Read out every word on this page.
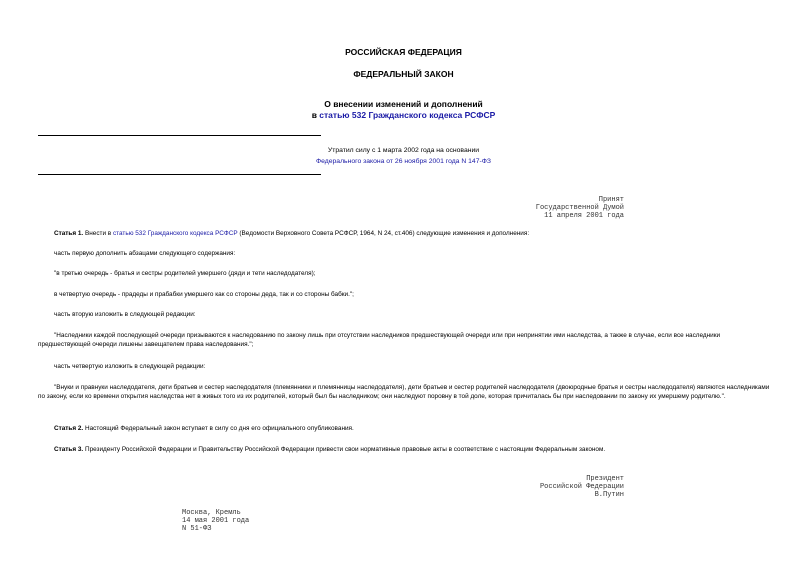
РОССИЙСКАЯ ФЕДЕРАЦИЯ
ФЕДЕРАЛЬНЫЙ ЗАКОН
О внесении изменений и дополнений
в статью 532 Гражданского кодекса РСФСР
Утратил силу с 1 марта 2002 года на основании
Федерального закона от 26 ноября 2001 года N 147-ФЗ
Принят
Государственной Думой
11 апреля 2001 года
Статья 1. Внести в статью 532 Гражданского кодекса РСФСР (Ведомости Верховного Совета РСФСР, 1964, N 24, ст.406) следующие изменения и дополнения:
часть первую дополнить абзацами следующего содержания:
"в третью очередь - братья и сестры родителей умершего (дяди и тети наследодателя);
в четвертую очередь - прадеды и прабабки умершего как со стороны деда, так и со стороны бабки.";
часть вторую изложить в следующей редакции:
"Наследники каждой последующей очереди призываются к наследованию по закону лишь при отсутствии наследников предшествующей очереди или при непринятии ими наследства, а также в случае, если все наследники предшествующей очереди лишены завещателем права наследования.";
часть четвертую изложить в следующей редакции:
"Внуки и правнуки наследодателя, дети братьев и сестер наследодателя (племянники и племянницы наследодателя), дети братьев и сестер родителей наследодателя (двоюродные братья и сестры наследодателя) являются наследниками по закону, если ко времени открытия наследства нет в живых того из их родителей, который был бы наследником; они наследуют поровну в той доле, которая причиталась бы при наследовании по закону их умершему родителю.".
Статья 2. Настоящий Федеральный закон вступает в силу со дня его официального опубликования.
Статья 3. Президенту Российской Федерации и Правительству Российской Федерации привести свои нормативные правовые акты в соответствие с настоящим Федеральным законом.
Президент
Российской Федерации
В.Путин
Москва, Кремль
14 мая 2001 года
N 51-ФЗ
